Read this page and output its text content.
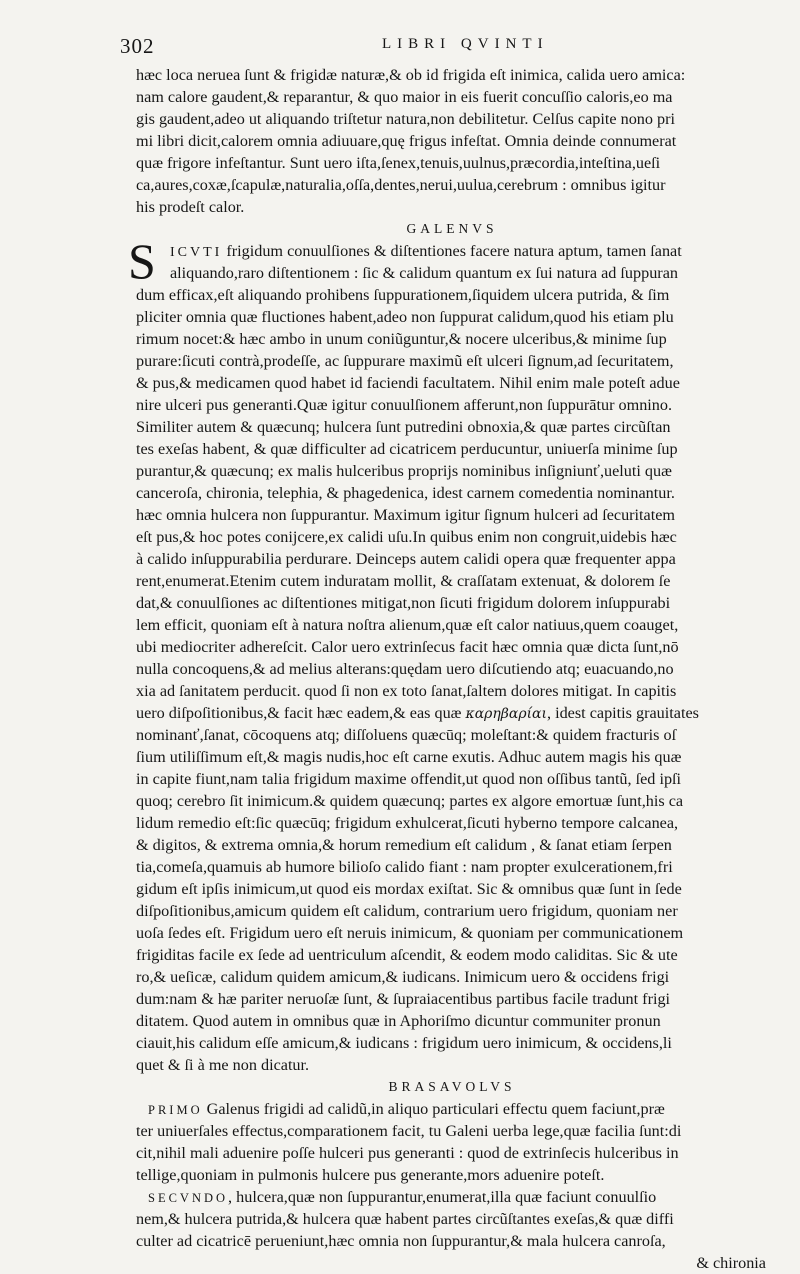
302	LIBRI QVINTI
hæc loca neruea ſunt & frigidæ naturæ,& ob id frigida eſt inimica, calida uero amica:
nam calore gaudent,& reparantur, & quo maior in eis fuerit concuſſio caloris,eo ma
gis gaudent,adeo ut aliquando triſtetur natura,non debilitetur. Celſus capite nono pri
mi libri dicit,calorem omnia adiuuare,quę frigus infeſtat. Omnia deinde connumerat
quæ frigore infeſtantur. Sunt uero iſta,ſenex,tenuis,uulnus,præcordia,inteſtina,ueſi
ca,aures,coxæ,ſcapulæ,naturalia,oſſa,dentes,nerui,uulua,cerebrum : omnibus igitur
his prodeſt calor.
GALENVS
S	ICVTI frigidum conuulſiones & diſtentiones facere natura aptum, tamen ſanat
aliquando,raro diſtentionem : ſic & calidum quantum ex ſui natura ad ſuppuran
dum efficax,eſt aliquando prohibens ſuppurationem,ſiquidem ulcera putrida, & ſim
pliciter omnia quæ fluctiones habent,adeo non ſuppurat calidum,quod his etiam plu
rimum nocet:& hæc ambo in unum coniũguntur,& nocere ulceribus,& minime ſup
purare:ſicuti contrà,prodeſſe, ac ſuppurare maximũ eſt ulceri ſignum,ad ſecuritatem,
& pus,& medicamen quod habet id faciendi facultatem. Nihil enim male poteſt adue
nire ulceri pus generanti.Quæ igitur conuulſionem afferunt,non ſuppurātur omnino.
Similiter autem & quæcunq; hulcera ſunt putredini obnoxia,& quæ partes circũſtan
tes exeſas habent, & quæ difficulter ad cicatricem perducuntur, uniuerſa minime ſup
purantur,& quæcunq; ex malis hulceribus proprijs nominibus inſigniunť,ueluti quæ
canceroſa, chironia, telephia, & phagedenica, idest carnem comedentia nominantur.
hæc omnia hulcera non ſuppurantur. Maximum igitur ſignum hulceri ad ſecuritatem
eſt pus,& hoc potes conijcere,ex calidi uſu.In quibus enim non congruit,uidebis hæc
à calido inſuppurabilia perdurare. Deinceps autem calidi opera quæ frequenter appa
rent,enumerat.Etenim cutem induratam mollit, & craſſatam extenuat, & dolorem ſe
dat,& conuulſiones ac diſtentiones mitigat,non ſicuti frigidum dolorem inſuppurabi
lem efficit, quoniam eſt à natura noſtra alienum,quæ eſt calor natiuus,quem coauget,
ubi mediocriter adhereſcit. Calor uero extrinſecus facit hæc omnia quæ dicta ſunt,nō
nulla concoquens,& ad melius alterans:quędam uero diſcutiendo atq; euacuando,no
xia ad ſanitatem perducit. quod ſi non ex toto ſanat,ſaltem dolores mitigat. In capitis
uero diſpoſitionibus,& facit hæc eadem,& eas quæ καρηβαρίαι, idest capitis grauitates
nominanť,ſanat, cōcoquens atq; diſſoluens quæcūq; moleſtant:& quidem fracturis oſ
ſium utiliſſimum eſt,& magis nudis,hoc eſt carne exutis. Adhuc autem magis his quæ
in capite fiunt,nam talia frigidum maxime offendit,ut quod non oſſibus tantũ, ſed ipſi
quoq; cerebro ſit inimicum.& quidem quæcunq; partes ex algore emortuæ ſunt,his ca
lidum remedio eſt:ſic quæcūq; frigidum exhulcerat,ſicuti hyberno tempore calcanea,
& digitos, & extrema omnia,& horum remedium eſt calidum , & ſanat etiam ſerpen
tia,comeſa,quamuis ab humore bilioſo calido fiant : nam propter exulcerationem,fri
gidum eſt ipſis inimicum,ut quod eis mordax exiſtat. Sic & omnibus quæ ſunt in ſede
diſpoſitionibus,amicum quidem eſt calidum, contrarium uero frigidum, quoniam ner
uoſa ſedes eſt. Frigidum uero eſt neruis inimicum, & quoniam per communicationem
frigiditas facile ex ſede ad uentriculum aſcendit, & eodem modo caliditas. Sic & ute
ro,& ueſicæ, calidum quidem amicum,& iudicans. Inimicum uero & occidens frigi
dum:nam & hæ pariter neruoſæ ſunt, & ſupraiacentibus partibus facile tradunt frigi
ditatem. Quod autem in omnibus quæ in Aphoriſmo dicuntur communiter pronun
ciauit,his calidum eſſe amicum,& iudicans : frigidum uero inimicum, & occidens,li
quet & ſi à me non dicatur.
BRASAVOLVS
PRIMO Galenus frigidi ad calidũ,in aliquo particulari effectu quem faciunt,præ
ter uniuerſales effectus,comparationem facit, tu Galeni uerba lege,quæ facilia ſunt:di
cit,nihil mali aduenire poſſe hulceri pus generanti : quod de extrinſecis hulceribus in
tellige,quoniam in pulmonis hulcere pus generante,mors aduenire poteſt.
SECVNDO, hulcera,quæ non ſuppurantur,enumerat,illa quæ faciunt conuulſio
nem,& hulcera putrida,& hulcera quæ habent partes circũſtantes exeſas,& quæ diffi
culter ad cicatricē perueniunt,hæc omnia non ſuppurantur,& mala hulcera canroſa,
& chironia
